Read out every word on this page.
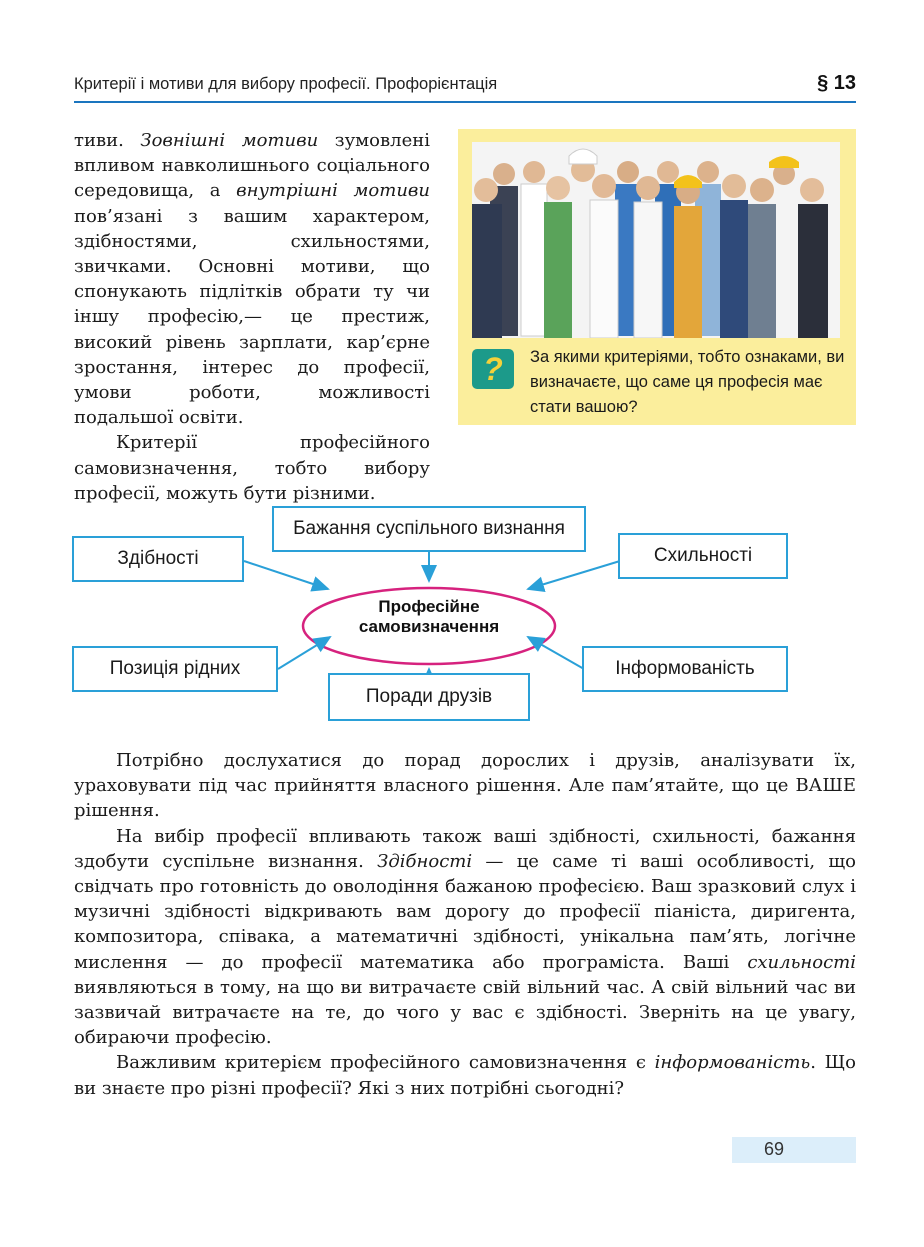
Критерії і мотиви для вибору професії. Профорієнтація	§ 13

тиви. Зовнішні мотиви зумовлені впливом навколишнього соціального середовища, а внутрішні мотиви пов’язані з вашим характером, здібностями, схильностями, звичками. Основні мотиви, що спонукають підлітків обрати ту чи іншу професію,— це престиж, високий рівень зарплати, кар’єрне зростання, інтерес до професії, умови роботи, можливості подальшої освіти.

Критерії професійного самовизначення, тобто вибору професії, можуть бути різними.

?	За якими критеріями, тобто ознаками, ви визначаєте, що саме ця професія має стати вашою?
Бажання суспільного визнання
Здібності	Схильності
Позиція рідних
Поради друзів
Інформованість
Професійне
самовизначення

Потрібно дослухатися до порад дорослих і друзів, аналізувати їх, ураховувати під час прийняття власного рішення. Але пам’ятайте, що це ВАШЕ рішення.

На вибір професії впливають також ваші здібності, схильності, бажання здобути суспільне визнання. Здібності — це саме ті ваші особливості, що свідчать про готовність до оволодіння бажаною професією. Ваш зразковий слух і музичні здібності відкривають вам дорогу до професії піаніста, диригента, композитора, співака, а математичні здібності, унікальна пам’ять, логічне мислення — до професії математика або програміста. Ваші схильності виявляються в тому, на що ви витрачаєте свій вільний час. А свій вільний час ви зазвичай витрачаєте на те, до чого у вас є здібності. Зверніть на це увагу, обираючи професію.

Важливим критерієм професійного самовизначення є інформованість. Що ви знаєте про різні професії? Які з них потрібні сьогодні?

69
